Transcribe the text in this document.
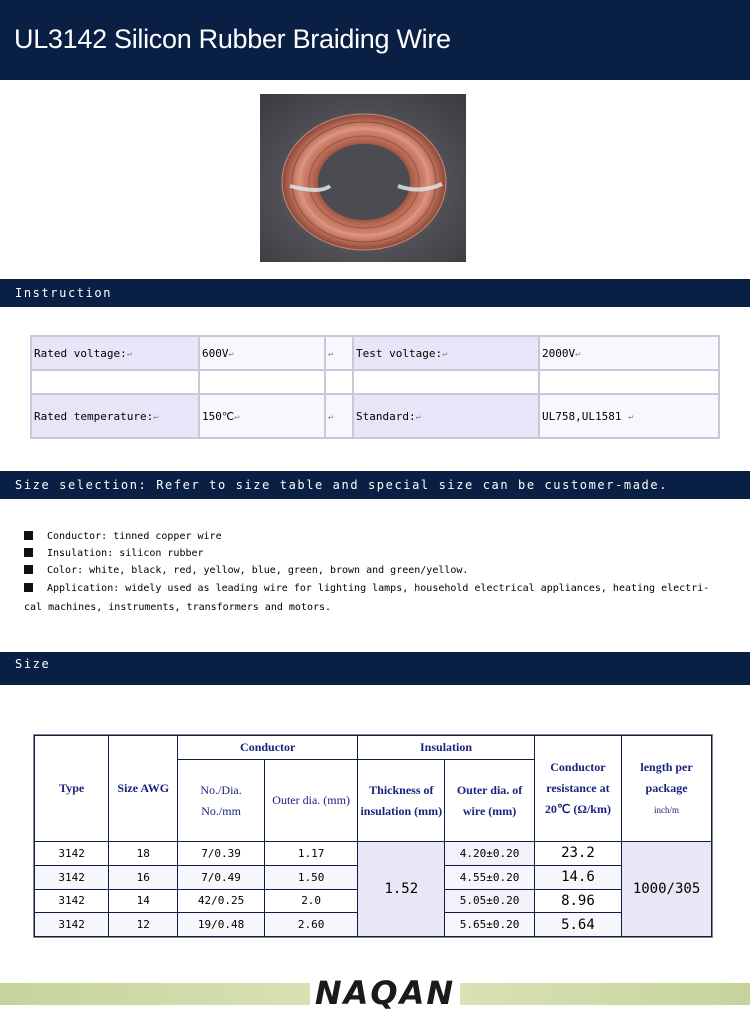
UL3142 Silicon Rubber Braiding Wire
Instruction
Rated voltage:↩	600V↩	↩	Test voltage:↩	2000V↩

Rated temperature:↩	150℃↩	↩	Standard:↩	UL758,UL1581 ↩
Size selection: Refer to size table and special size can be customer-made.
Conductor: tinned copper wire
Insulation: silicon rubber
Color: white, black, red, yellow, blue, green, brown and green/yellow.
Application: widely used as leading wire for lighting lamps, household electrical appliances, heating electri-cal machines, instruments, transformers and motors.
Size
Type	Size AWG	Conductor		Insulation		Conductor resistance at 20℃ (Ω/km)	length per package
inch/m
		No./Dia. No./mm	Outer dia. (mm)	Thickness of insulation (mm)	Outer dia. of wire (mm)		
3142	18	7/0.39	1.17	1.52	4.20±0.20	23.2	1000/305
3142	16	7/0.49	1.50		4.55±0.20	14.6	
3142	14	42/0.25	2.0		5.05±0.20	8.96	
3142	12	19/0.48	2.60		5.65±0.20	5.64	
NAQAN
